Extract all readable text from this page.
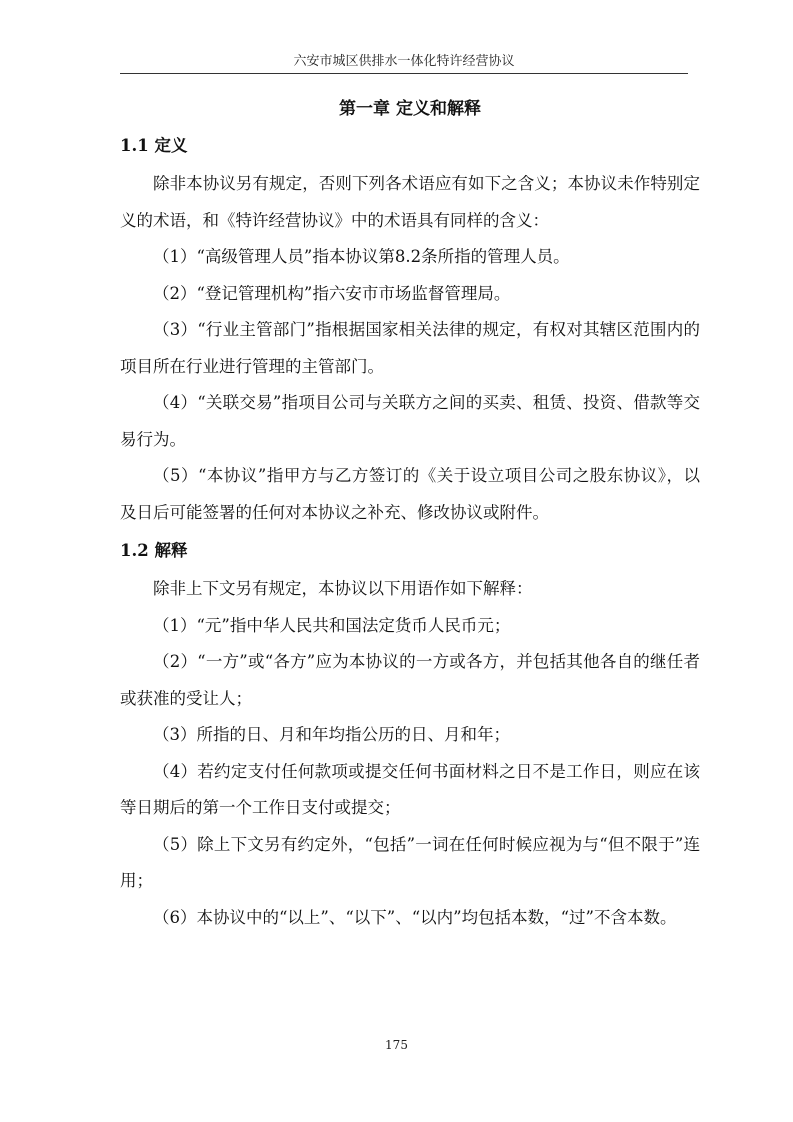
六安市城区供排水一体化特许经营协议
第一章 定义和解释

1.1 定义

除非本协议另有规定，否则下列各术语应有如下之含义；本协议未作特别定义的术语，和《特许经营协议》中的术语具有同样的含义：

（1）“高级管理人员”指本协议第8.2条所指的管理人员。

（2）“登记管理机构”指六安市市场监督管理局。

（3）“行业主管部门”指根据国家相关法律的规定，有权对其辖区范围内的项目所在行业进行管理的主管部门。

（4）“关联交易”指项目公司与关联方之间的买卖、租赁、投资、借款等交易行为。

（5）“本协议”指甲方与乙方签订的《关于设立项目公司之股东协议》，以及日后可能签署的任何对本协议之补充、修改协议或附件。

1.2 解释

除非上下文另有规定，本协议以下用语作如下解释：

（1）“元”指中华人民共和国法定货币人民币元；

（2）“一方”或“各方”应为本协议的一方或各方，并包括其他各自的继任者或获准的受让人；

（3）所指的日、月和年均指公历的日、月和年；

（4）若约定支付任何款项或提交任何书面材料之日不是工作日，则应在该等日期后的第一个工作日支付或提交；

（5）除上下文另有约定外，“包括”一词在任何时候应视为与“但不限于”连用；

（6）本协议中的“以上”、“以下”、“以内”均包括本数，“过”不含本数。

175
